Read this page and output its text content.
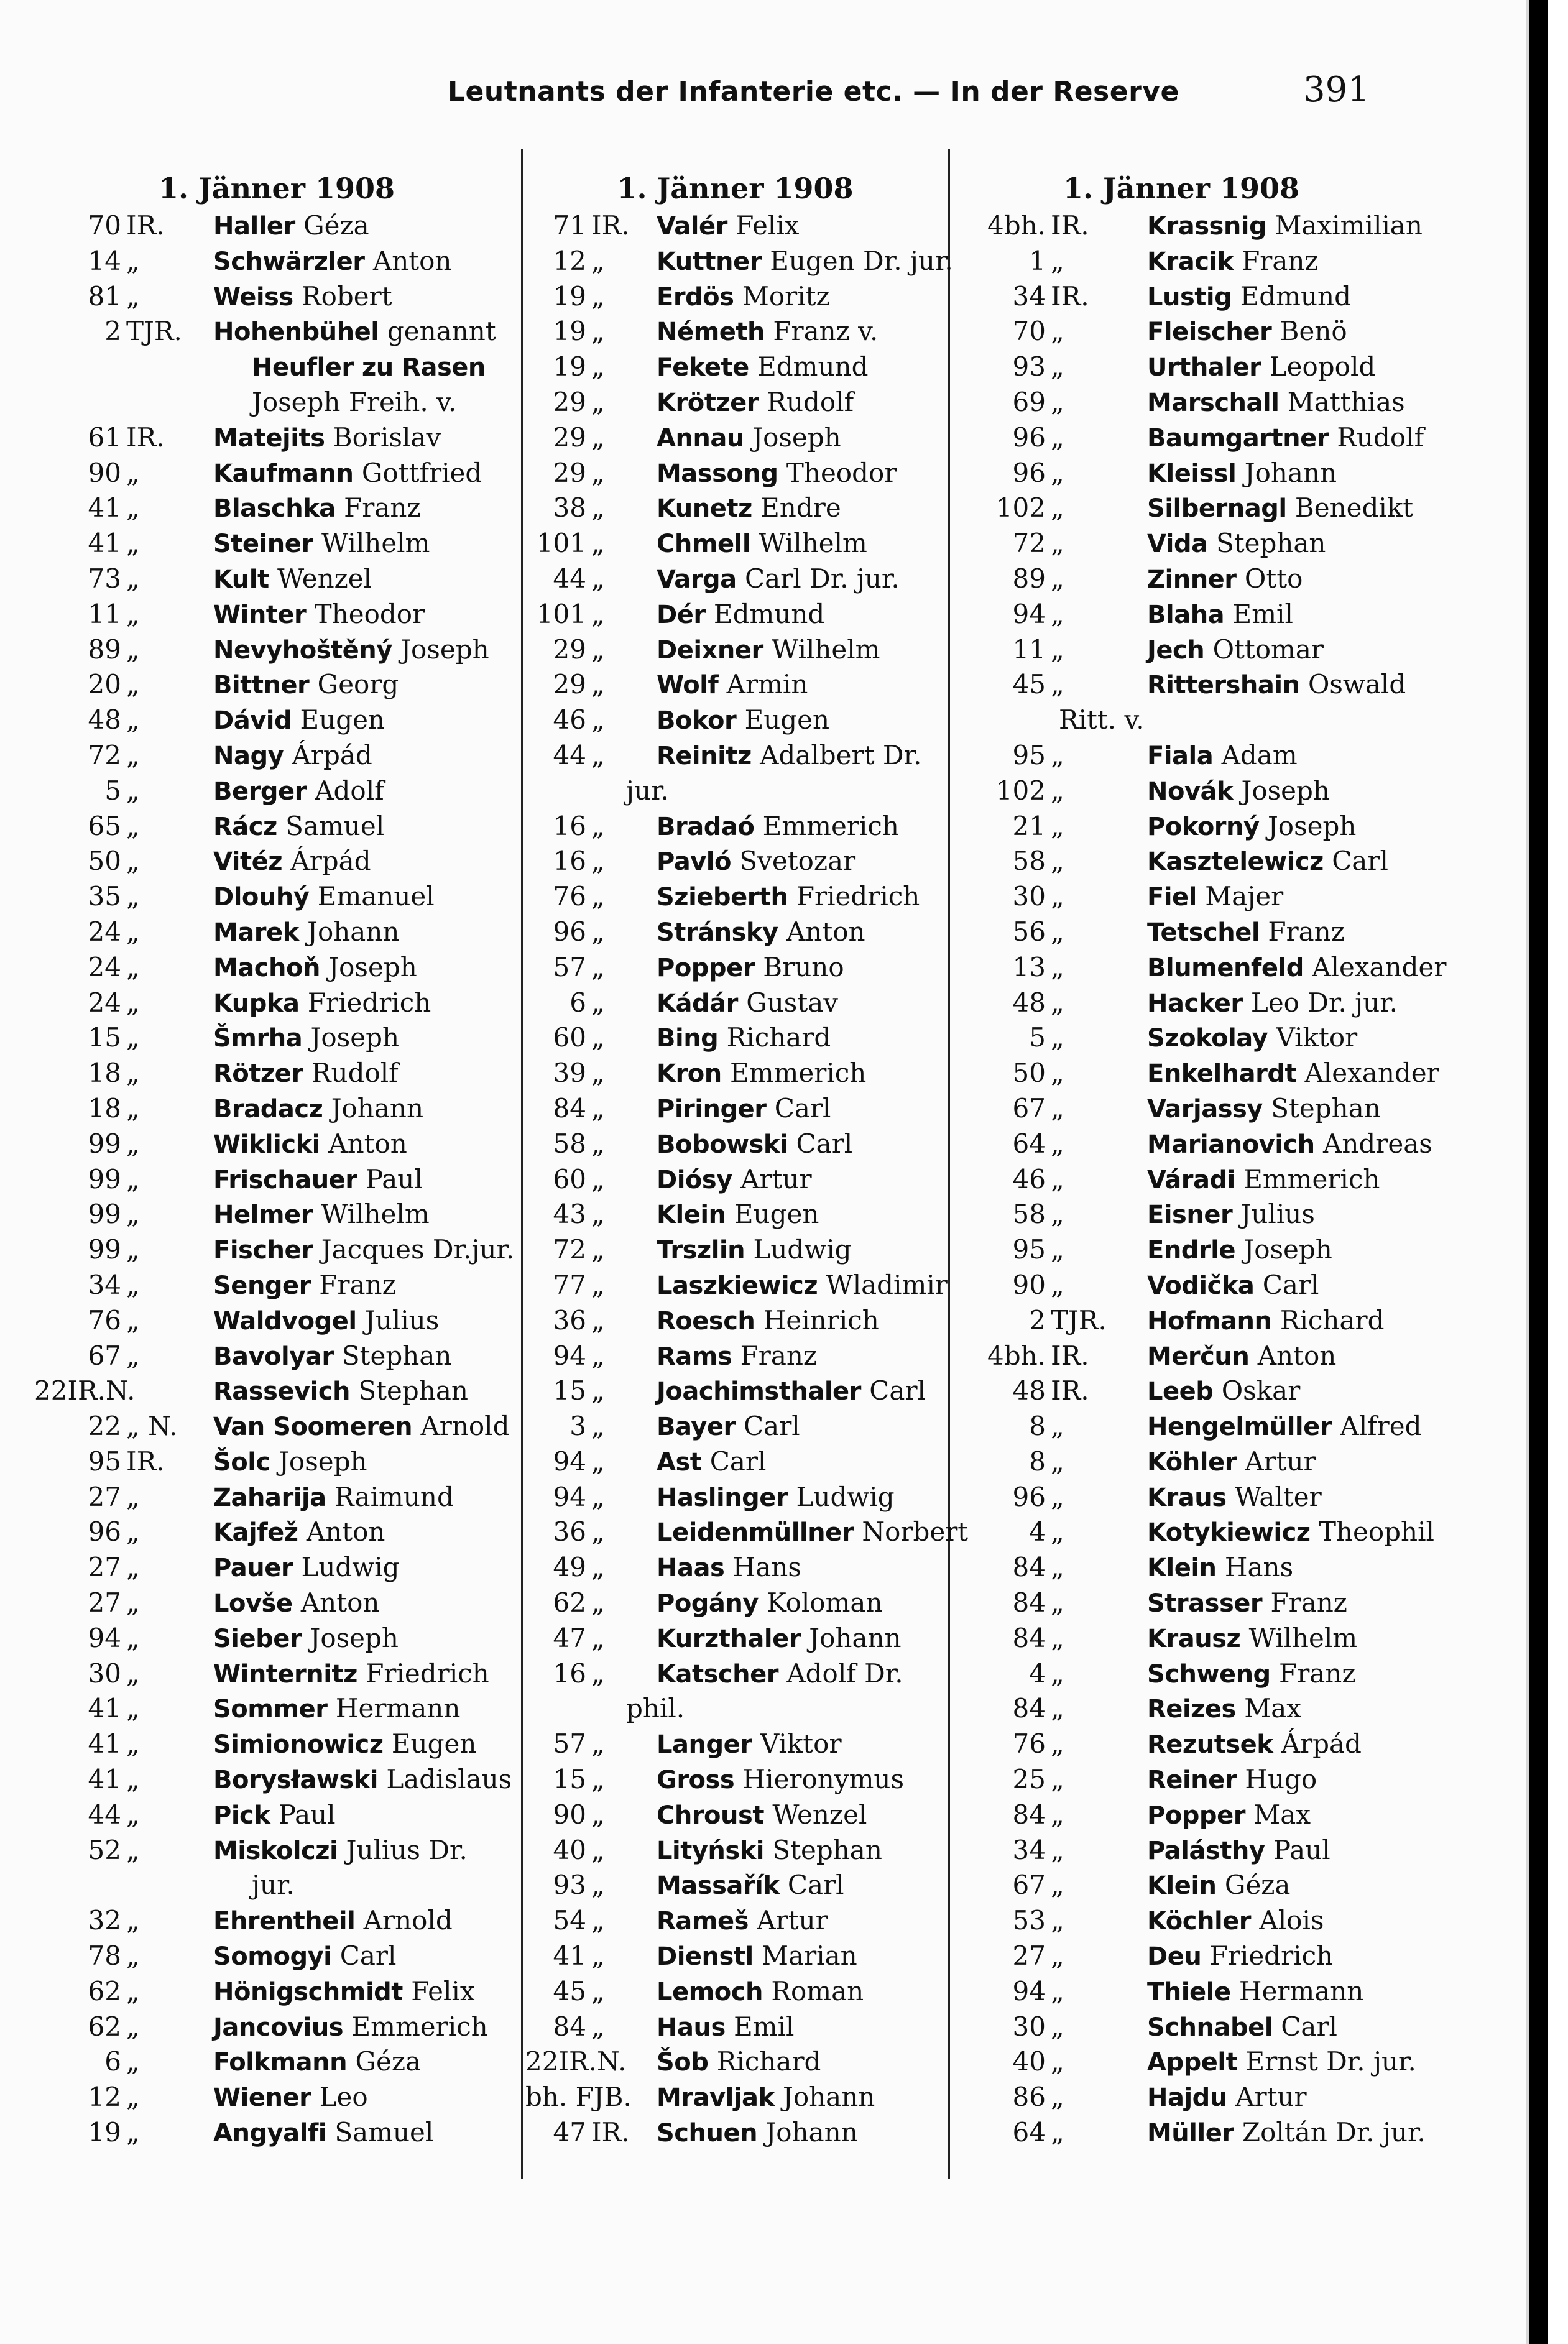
Leutnants der Infanterie etc. — In der Reserve	391
1. Jänner 1908
70 IR.	Haller Géza
14 „	Schwärzler Anton
81 „	Weiss Robert
2 TJR.	Hohenbühel genannt
Heufler zu Rasen
Joseph Freih. v.
61 IR.	Matejits Borislav
90 „	Kaufmann Gottfried
41 „	Blaschka Franz
41 „	Steiner Wilhelm
73 „	Kult Wenzel
11 „	Winter Theodor
89 „	Nevyhoštěný Joseph
20 „	Bittner Georg
48 „	Dávid Eugen
72 „	Nagy Árpád
5 „	Berger Adolf
65 „	Rácz Samuel
50 „	Vitéz Árpád
35 „	Dlouhý Emanuel
24 „	Marek Johann
24 „	Machoň Joseph
24 „	Kupka Friedrich
15 „	Šmrha Joseph
18 „	Rötzer Rudolf
18 „	Bradacz Johann
99 „	Wiklicki Anton
99 „	Frischauer Paul
99 „	Helmer Wilhelm
99 „	Fischer Jacques Dr.jur.
34 „	Senger Franz
76 „	Waldvogel Julius
67 „	Bavolyar Stephan
22IR.N.	Rassevich Stephan
22 „ N.	Van Soomeren Arnold
95 IR.	Šolc Joseph
27 „	Zaharija Raimund
96 „	Kajfež Anton
27 „	Pauer Ludwig
27 „	Lovše Anton
94 „	Sieber Joseph
30 „	Winternitz Friedrich
41 „	Sommer Hermann
41 „	Simionowicz Eugen
41 „	Borysławski Ladislaus
44 „	Pick Paul
52 „	Miskolczi Julius Dr.
jur.
32 „	Ehrentheil Arnold
78 „	Somogyi Carl
62 „	Hönigschmidt Felix
62 „	Jancovius Emmerich
6 „	Folkmann Géza
12 „	Wiener Leo
19 „	Angyalfi Samuel
1. Jänner 1908
71 IR.	Valér Felix
12 „	Kuttner Eugen Dr. jur.
19 „	Erdös Moritz
19 „	Németh Franz v.
19 „	Fekete Edmund
29 „	Krötzer Rudolf
29 „	Annau Joseph
29 „	Massong Theodor
38 „	Kunetz Endre
101 „	Chmell Wilhelm
44 „	Varga Carl Dr. jur.
101 „	Dér Edmund
29 „	Deixner Wilhelm
29 „	Wolf Armin
46 „	Bokor Eugen
44 „	Reinitz Adalbert Dr.
jur.
16 „	Bradaó Emmerich
16 „	Pavló Svetozar
76 „	Szieberth Friedrich
96 „	Stránsky Anton
57 „	Popper Bruno
6 „	Kádár Gustav
60 „	Bing Richard
39 „	Kron Emmerich
84 „	Piringer Carl
58 „	Bobowski Carl
60 „	Diósy Artur
43 „	Klein Eugen
72 „	Trszlin Ludwig
77 „	Laszkiewicz Wladimir
36 „	Roesch Heinrich
94 „	Rams Franz
15 „	Joachimsthaler Carl
3 „	Bayer Carl
94 „	Ast Carl
94 „	Haslinger Ludwig
36 „	Leidenmüllner Norbert
49 „	Haas Hans
62 „	Pogány Koloman
47 „	Kurzthaler Johann
16 „	Katscher Adolf Dr.
phil.
57 „	Langer Viktor
15 „	Gross Hieronymus
90 „	Chroust Wenzel
40 „	Lityński Stephan
93 „	Massařík Carl
54 „	Rameš Artur
41 „	Dienstl Marian
45 „	Lemoch Roman
84 „	Haus Emil
22IR.N. Šob Richard
bh. FJB. Mravljak Johann
47 IR.	Schuen Johann
1. Jänner 1908
4bh. IR.	Krassnig Maximilian
1 „	Kracik Franz
34 IR.	Lustig Edmund
70 „	Fleischer Benö
93 „	Urthaler Leopold
69 „	Marschall Matthias
96 „	Baumgartner Rudolf
96 „	Kleissl Johann
102 „	Silbernagl Benedikt
72 „	Vida Stephan
89 „	Zinner Otto
94 „	Blaha Emil
11 „	Jech Ottomar
45 „	Rittershain Oswald
Ritt. v.
95 „	Fiala Adam
102 „	Novák Joseph
21 „	Pokorný Joseph
58 „	Kasztelewicz Carl
30 „	Fiel Majer
56 „	Tetschel Franz
13 „	Blumenfeld Alexander
48 „	Hacker Leo Dr. jur.
5 „	Szokolay Viktor
50 „	Enkelhardt Alexander
67 „	Varjassy Stephan
64 „	Marianovich Andreas
46 „	Váradi Emmerich
58 „	Eisner Julius
95 „	Endrle Joseph
90 „	Vodička Carl
2 TJR.	Hofmann Richard
4bh. IR.	Merčun Anton
48 IR.	Leeb Oskar
8 „	Hengelmüller Alfred
8 „	Köhler Artur
96 „	Kraus Walter
4 „	Kotykiewicz Theophil
84 „	Klein Hans
84 „	Strasser Franz
84 „	Krausz Wilhelm
4 „	Schweng Franz
84 „	Reizes Max
76 „	Rezutsek Árpád
25 „	Reiner Hugo
84 „	Popper Max
34 „	Palásthy Paul
67 „	Klein Géza
53 „	Köchler Alois
27 „	Deu Friedrich
94 „	Thiele Hermann
30 „	Schnabel Carl
40 „	Appelt Ernst Dr. jur.
86 „	Hajdu Artur
64 „	Müller Zoltán Dr. jur.
